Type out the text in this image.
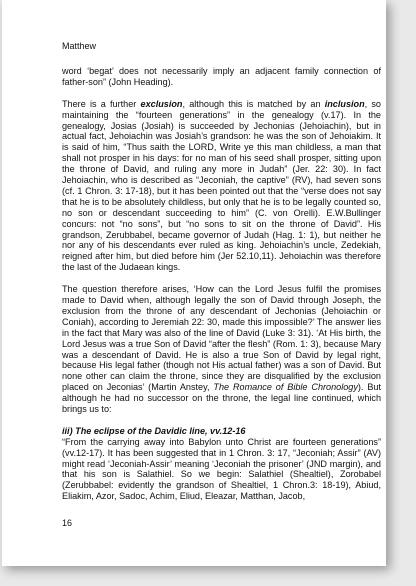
Matthew

word ‘begat’ does not necessarily imply an adjacent family connection of father-son” (John Heading).

There is a further exclusion, although this is matched by an inclusion, so maintaining the “fourteen generations” in the genealogy (v.17). In the genealogy, Josias (Josiah) is succeeded by Jechonias (Jehoiachin), but in actual fact, Jehoiachin was Josiah’s grandson: he was the son of Jehoiakim. It is said of him, “Thus saith the LORD, Write ye this man childless, a man that shall not prosper in his days: for no man of his seed shall prosper, sitting upon the throne of David, and ruling any more in Judah” (Jer. 22: 30). In fact Jehoiachin, who is described as “Jeconiah, the captive” (RV), had seven sons (cf. 1 Chron. 3: 17-18), but it has been pointed out that the “verse does not say that he is to be absolutely childless, but only that he is to be legally counted so, no son or descendant succeeding to him” (C. von Orelli). E.W.Bullinger concurs: not “no sons”, but “no sons to sit on the throne of David”. His grandson, Zerubbabel, became governor of Judah (Hag. 1: 1), but neither he nor any of his descendants ever ruled as king. Jehoiachin’s uncle, Zedekiah, reigned after him, but died before him (Jer 52.10,11). Jehoiachin was therefore the last of the Judaean kings.

The question therefore arises, ‘How can the Lord Jesus fulfil the promises made to David when, although legally the son of David through Joseph, the exclusion from the throne of any descendant of Jechonias (Jehoiachin or Coniah), according to Jeremiah 22: 30, made this impossible?’ The answer lies in the fact that Mary was also of the line of David (Luke 3: 31). ‘At His birth, the Lord Jesus was a true Son of David “after the flesh” (Rom. 1: 3), because Mary was a descendant of David. He is also a true Son of David by legal right, because His legal father (though not His actual father) was a son of David. But none other can claim the throne, since they are disqualified by the exclusion placed on Jeconias’ (Martin Anstey, The Romance of Bible Chronology). But although he had no successor on the throne, the legal line continued, which brings us to:

iii) The eclipse of the Davidic line, vv.12-16

“From the carrying away into Babylon unto Christ are fourteen generations” (vv.12-17). It has been suggested that in 1 Chron. 3: 17, “Jeconiah; Assir” (AV) might read ‘Jeconiah-Assir’ meaning ‘Jeconiah the prisoner’ (JND margin), and that his son is Salathiel. So we begin: Salathiel (Shealtiel), Zorobabel (Zerubbabel: evidently the grandson of Shealtiel, 1 Chron.3: 18-19), Abiud, Eliakim, Azor, Sadoc, Achim, Eliud, Eleazar, Matthan, Jacob,

16
